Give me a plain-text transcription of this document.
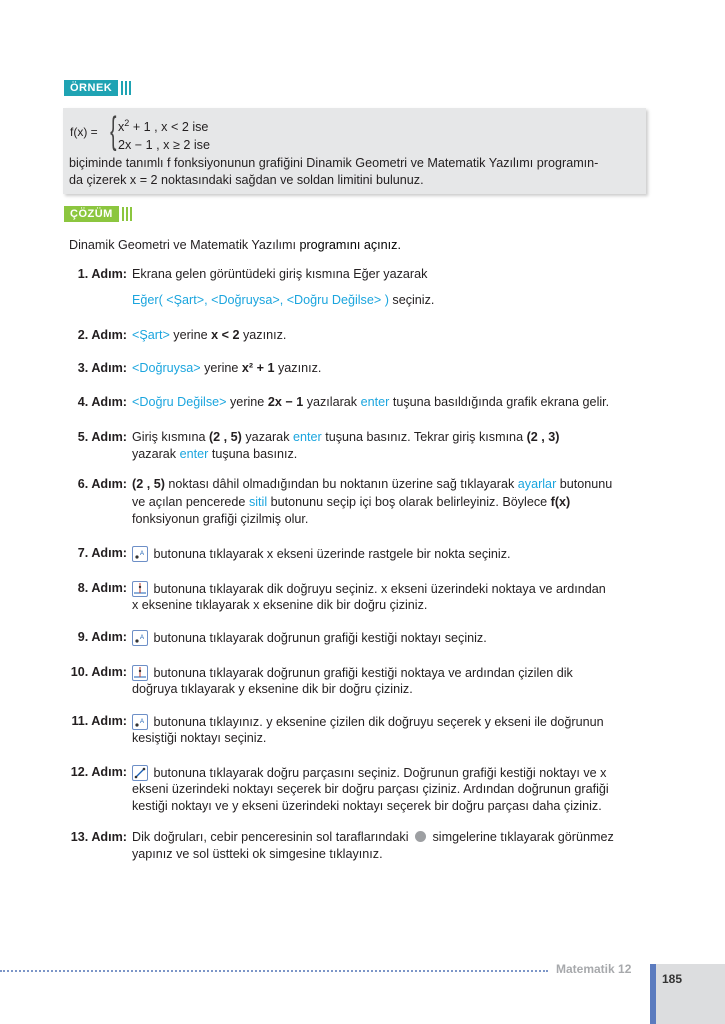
ÖRNEK
f(x) = { $x^2 + 1$ , x < 2 ise
2x − 1 , x ≥ 2 ise
biçiminde tanımlı f fonksiyonunun grafiğini Dinamik Geometri ve Matematik Yazılımı programın-
da çizerek x = 2 noktasındaki sağdan ve soldan limitini bulunuz.
ÇÖZÜM
Dinamik Geometri ve Matematik Yazılımı programını açınız.
1. Adım: Ekrana gelen görüntüdeki giriş kısmına Eğer yazarak
Eğer( <Şart>, <Doğruysa>, <Doğru Değilse> ) seçiniz.
2. Adım: <Şart> yerine x < 2 yazınız.
3. Adım: <Doğruysa> yerine x² + 1 yazınız.
4. Adım: <Doğru Değilse> yerine 2x − 1 yazılarak enter tuşuna basıldığında grafik ekrana gelir.
5. Adım: Giriş kısmına (2 , 5) yazarak enter tuşuna basınız. Tekrar giriş kısmına (2 , 3)
yazarak enter tuşuna basınız.
6. Adım: (2 , 5) noktası dâhil olmadığından bu noktanın üzerine sağ tıklayarak ayarlar butonunu
ve açılan pencerede sitil butonunu seçip içi boş olarak belirleyiniz. Böylece f(x)
fonksiyonun grafiği çizilmiş olur.
7. Adım: A butonuna tıklayarak x ekseni üzerinde rastgele bir nokta seçiniz.
8. Adım:	butonuna tıklayarak dik doğruyu seçiniz. x ekseni üzerindeki noktaya ve ardından
x eksenine tıklayarak x eksenine dik bir doğru çiziniz.
9. Adım: A butonuna tıklayarak doğrunun grafiği kestiği noktayı seçiniz.
10. Adım:	butonuna tıklayarak doğrunun grafiği kestiği noktaya ve ardından çizilen dik
doğruya tıklayarak y eksenine dik bir doğru çiziniz.
11. Adım: A butonuna tıklayınız. y eksenine çizilen dik doğruyu seçerek y ekseni ile doğrunun
kesiştiği noktayı seçiniz.
12. Adım:	butonuna tıklayarak doğru parçasını seçiniz. Doğrunun grafiği kestiği noktayı ve x
ekseni üzerindeki noktayı seçerek bir doğru parçası çiziniz. Ardından doğrunun grafiği
kestiği noktayı ve y ekseni üzerindeki noktayı seçerek bir doğru parçası daha çiziniz.
13. Adım: Dik doğruları, cebir penceresinin sol taraflarındaki  simgelerine tıklayarak görünmez
yapınız ve sol üstteki ok simgesine tıklayınız.
Matematik 12
185
